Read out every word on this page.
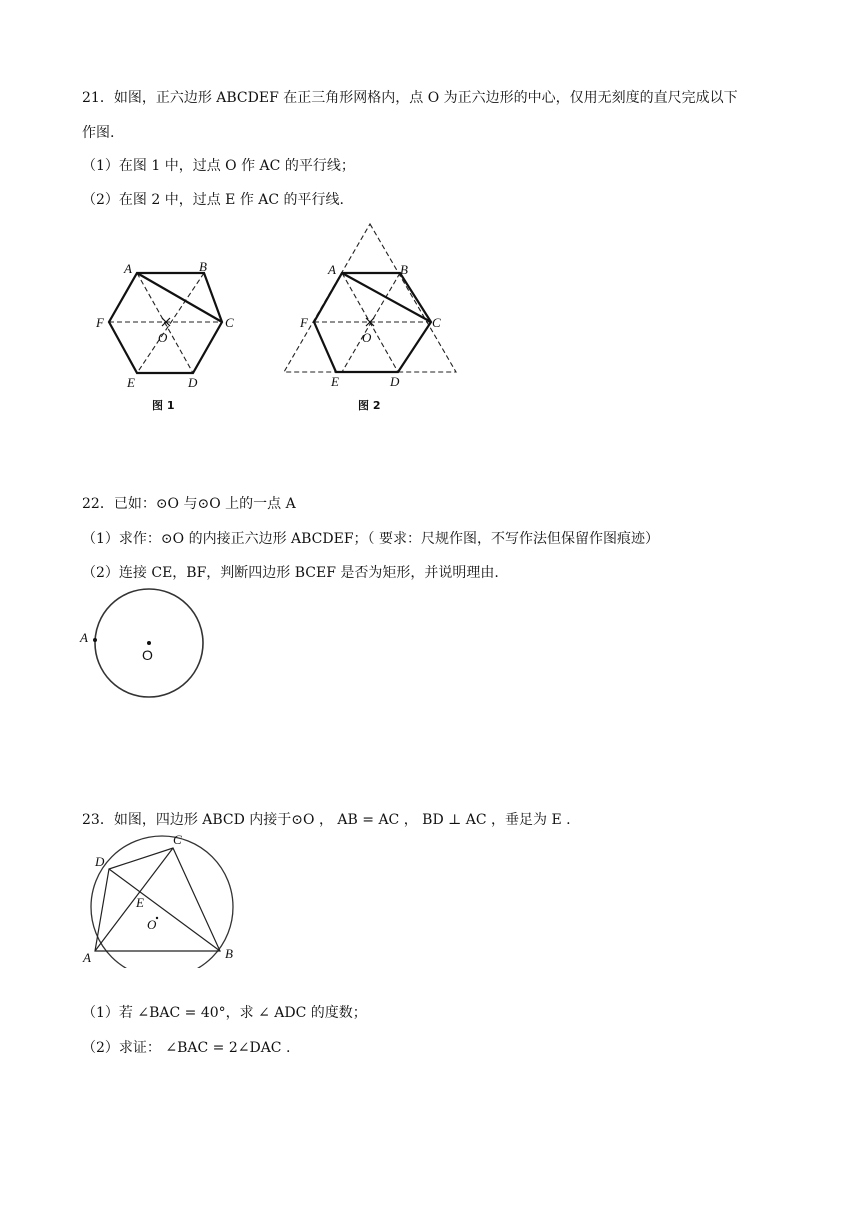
21．如图，正六边形 ABCDEF 在正三角形网格内，点 O 为正六边形的中心，仅用无刻度的直尺完成以下
作图.
（1）在图 1 中，过点 O 作 AC 的平行线；
（2）在图 2 中，过点 E 作 AC 的平行线.
A	B
C
D
E
F
O
图 1
A	B
C
D
E
F
O
图 2
22．已如：⊙O 与⊙O 上的一点 A
（1）求作：⊙O 的内接正六边形 ABCDEF；（ 要求：尺规作图，不写作法但保留作图痕迹）
（2）连接 CE，BF，判断四边形 BCEF 是否为矩形，并说明理由.
A
O
23．如图，四边形 ABCD 内接于⊙O ， AB = AC ， BD ⊥ AC ，垂足为 E .
A	B
C
D
E
O
（1）若 ∠BAC = 40°，求 ∠ ADC 的度数；
（2）求证： ∠BAC = 2∠DAC .
